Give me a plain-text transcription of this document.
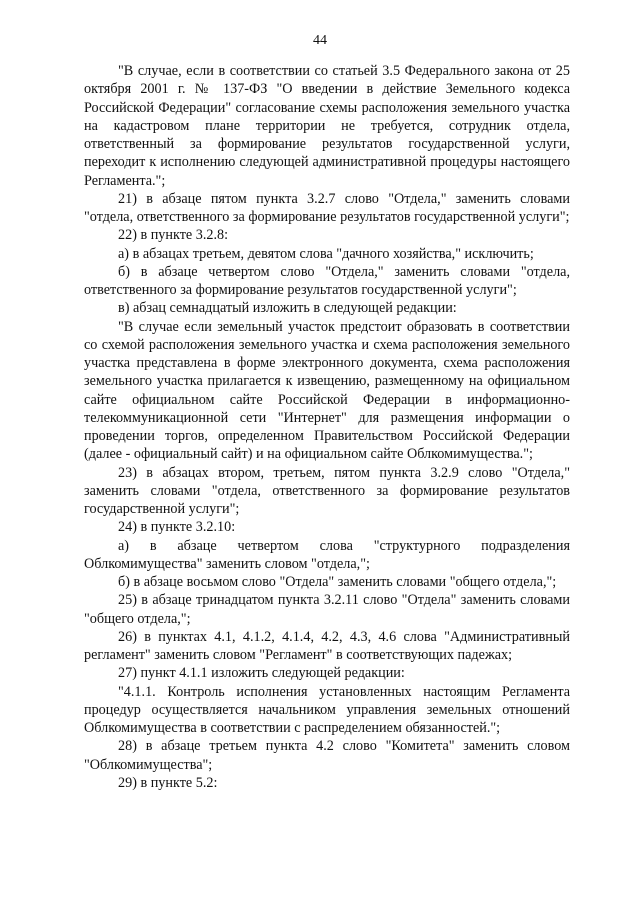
44

"В случае, если в соответствии со статьей 3.5 Федерального закона от 25 октября 2001 г. № 137-ФЗ "О введении в действие Земельного кодекса Российской Федерации" согласование схемы расположения земельного участка на кадастровом плане территории не требуется, сотрудник отдела, ответственный за формирование результатов государственной услуги, переходит к исполнению следующей административной процедуры настоящего Регламента.";

21) в абзаце пятом пункта 3.2.7 слово "Отдела," заменить словами "отдела, ответственного за формирование результатов государственной услуги";

22) в пункте 3.2.8:

а) в абзацах третьем, девятом слова "дачного хозяйства," исключить;

б) в абзаце четвертом слово "Отдела," заменить словами "отдела, ответственного за формирование результатов государственной услуги";

в) абзац семнадцатый изложить в следующей редакции:

"В случае если земельный участок предстоит образовать в соответствии со схемой расположения земельного участка и схема расположения земельного участка представлена в форме электронного документа, схема расположения земельного участка прилагается к извещению, размещенному на официальном сайте официальном сайте Российской Федерации в информационно-телекоммуникационной сети "Интернет" для размещения информации о проведении торгов, определенном Правительством Российской Федерации (далее - официальный сайт) и на официальном сайте Облкомимущества.";

23) в абзацах втором, третьем, пятом пункта 3.2.9 слово "Отдела," заменить словами "отдела, ответственного за формирование результатов государственной услуги";

24) в пункте 3.2.10:

а) в абзаце четвертом слова "структурного подразделения Облкомимущества" заменить словом "отдела,";

б) в абзаце восьмом слово "Отдела" заменить словами "общего отдела,";

25) в абзаце тринадцатом пункта 3.2.11 слово "Отдела" заменить словами "общего отдела,";

26) в пунктах 4.1, 4.1.2, 4.1.4, 4.2, 4.3, 4.6 слова "Административный регламент" заменить словом "Регламент" в соответствующих падежах;

27) пункт 4.1.1 изложить следующей редакции:

"4.1.1. Контроль исполнения установленных настоящим Регламента процедур осуществляется начальником управления земельных отношений Облкомимущества в соответствии с распределением обязанностей.";

28) в абзаце третьем пункта 4.2 слово "Комитета" заменить словом "Облкомимущества";

29) в пункте 5.2:
